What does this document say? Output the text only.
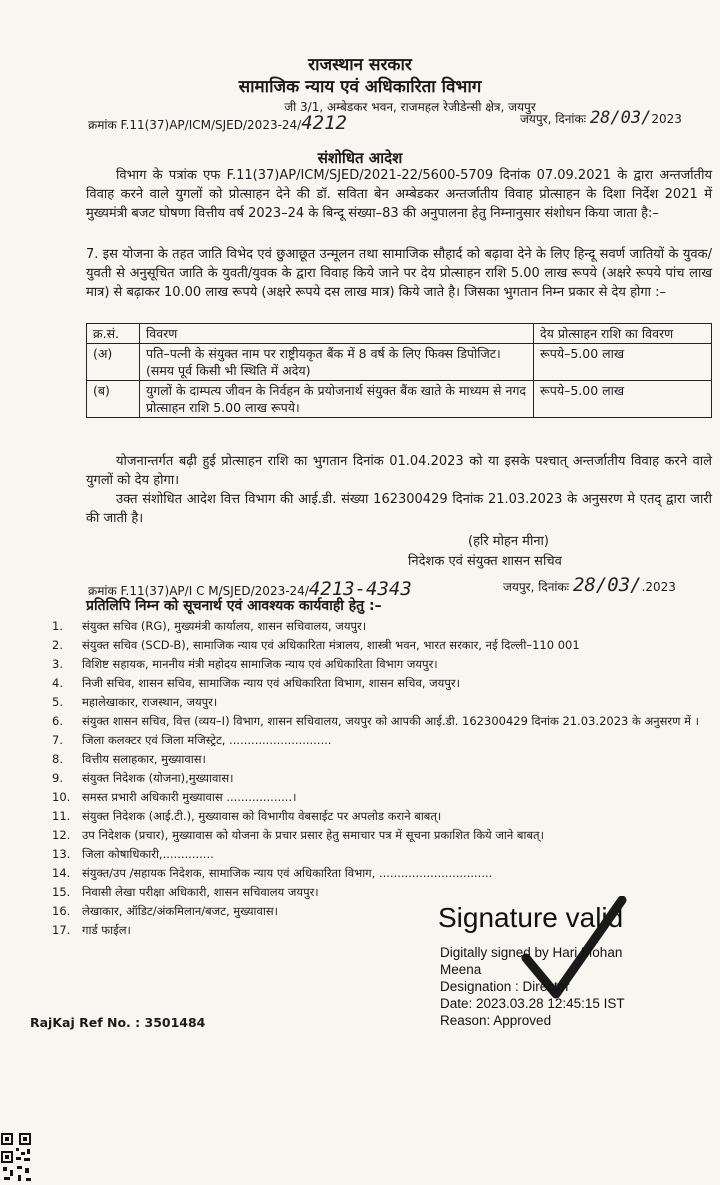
राजस्थान सरकार
सामाजिक न्याय एवं अधिकारिता विभाग
जी 3/1, अम्बेडकर भवन, राजमहल रेजीडेन्सी क्षेत्र, जयपुर
क्रमांक F.11(37)AP/ICM/SJED/2023-24/4212	जयपुर, दिनांकः 28/03/2023
संशोधित आदेश
विभाग के पत्रांक एफ F.11(37)AP/ICM/SJED/2021-22/5600-5709 दिनांक 07.09.2021 के द्वारा अन्तर्जातीय विवाह करने वाले युगलों को प्रोत्साहन देने की डॉ. सविता बेन अम्बेडकर अन्तर्जातीय विवाह प्रोत्साहन के दिशा निर्देश 2021 में मुख्यमंत्री बजट घोषणा वित्तीय वर्ष 2023–24 के बिन्दू संख्या–83 की अनुपालना हेतु निम्नानुसार संशोधन किया जाता है:–
7. इस योजना के तहत जाति विभेद एवं छुआछूत उन्मूलन तथा सामाजिक सौहार्द को बढ़ावा देने के लिए हिन्दू सवर्ण जातियों के युवक/युवती से अनुसूचित जाति के युवती/युवक के द्वारा विवाह किये जाने पर देय प्रोत्साहन राशि 5.00 लाख रूपये (अक्षरे रूपये पांच लाख मात्र) से बढ़ाकर 10.00 लाख रूपये (अक्षरे रूपये दस लाख मात्र) किये जाते है। जिसका भुगतान निम्न प्रकार से देय होगा :–
क्र.सं.	विवरण	देय प्रोत्साहन राशि का विवरण
(अ)	पति–पत्नी के संयुक्त नाम पर राष्ट्रीयकृत बैंक में 8 वर्ष के लिए फिक्स डिपोजिट। (समय पूर्व किसी भी स्थिति में अदेय)	रूपये–5.00 लाख
(ब)	युगलों के दाम्पत्य जीवन के निर्वहन के प्रयोजनार्थ संयुक्त बैंक खाते के माध्यम से नगद प्रोत्साहन राशि 5.00 लाख रूपये।	रूपये–5.00 लाख
योजनान्तर्गत बढ़ी हुई प्रोत्साहन राशि का भुगतान दिनांक 01.04.2023 को या इसके पश्चात् अन्तर्जातीय विवाह करने वाले युगलों को देय होगा।
उक्त संशोधित आदेश वित्त विभाग की आई.डी. संख्या 162300429 दिनांक 21.03.2023 के अनुसरण मे एतद् द्वारा जारी की जाती है।
(हरि मोहन मीना)
निदेशक एवं संयुक्त शासन सचिव
क्रमांक F.11(37)AP/I C M/SJED/2023-24/4213-4343	जयपुर, दिनांकः 28/03/.2023
प्रतिलिपि निम्न को सूचनार्थ एवं आवश्यक कार्यवाही हेतु :–
1.	संयुक्त सचिव (RG), मुख्यमंत्री कार्यालय, शासन सचिवालय, जयपुर।
2.	संयुक्त सचिव (SCD-B), सामाजिक न्याय एवं अधिकारिता मंत्रालय, शास्त्री भवन, भारत सरकार, नई दिल्ली–110 001
3.	विशिष्ट सहायक, माननीय मंत्री महोदय सामाजिक न्याय एवं अधिकारिता विभाग जयपुर।
4.	निजी सचिव, शासन सचिव, सामाजिक न्याय एवं अधिकारिता विभाग, शासन सचिव, जयपुर।
5.	महालेखाकार, राजस्थान, जयपुर।
6.	संयुक्त शासन सचिव, वित्त (व्यय–I) विभाग, शासन सचिवालय, जयपुर को आपकी आई.डी. 162300429 दिनांक 21.03.2023 के अनुसरण में ।
7.	जिला कलक्टर एवं जिला मजिस्ट्रेट, ............................
8.	वित्तीय सलाहकार, मुख्यावास।
9.	संयुक्त निदेशक (योजना),मुख्यावास।
10.	समस्त प्रभारी अधिकारी मुख्यावास ..................।
11.	संयुक्त निदेशक (आई.टी.), मुख्यावास को विभागीय वेबसाईट पर अपलोड कराने बाबत्।
12.	उप निदेशक (प्रचार), मुख्यावास को योजना के प्रचार प्रसार हेतु समाचार पत्र में सूचना प्रकाशित किये जाने बाबत्।
13.	जिला कोषाधिकारी,..............
14.	संयुक्त/उप /सहायक निदेशक, सामाजिक न्याय एवं अधिकारिता विभाग, ...............................
15.	निवासी लेखा परीक्षा अधिकारी, शासन सचिवालय जयपुर।
16.	लेखाकार, ऑडिट/अंकमिलान/बजट, मुख्यावास।
17.	गार्ड फाईल।	Signature valid
Digitally signed by Hari Mohan
Meena
Designation : Director
Date: 2023.03.28 12:45:15 IST
Reason: Approved
RajKaj Ref No. : 3501484
